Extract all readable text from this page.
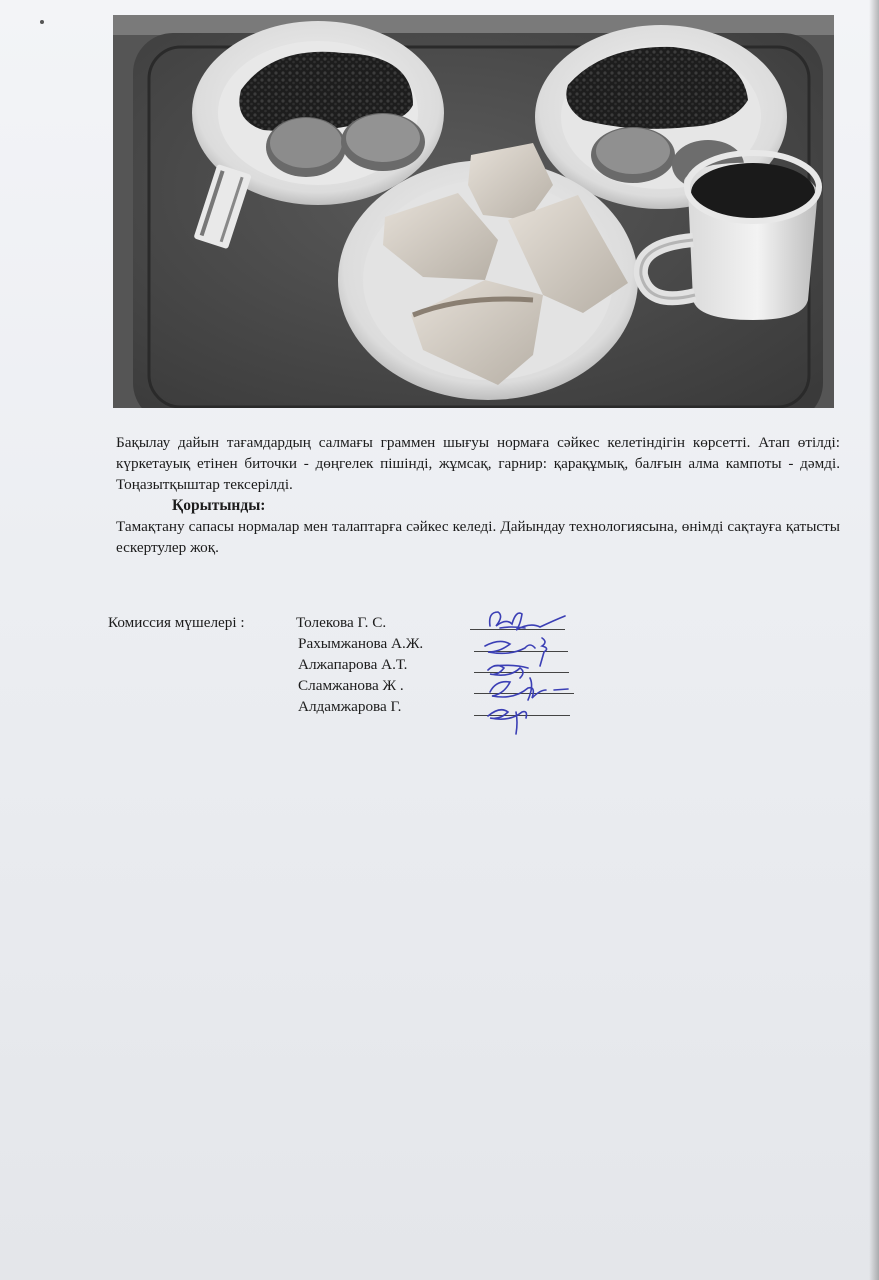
Бақылау дайын тағамдардың салмағы граммен шығуы нормаға сәйкес келетіндігін көрсетті. Атап өтілді: күркетауық етінен биточки - дөңгелек пішінді, жұмсақ, гарнир: қарақұмық, балғын алма кампоты - дәмді. Тоңазытқыштар тексерілді.

Қорытынды:

Тамақтану сапасы нормалар мен талаптарға сәйкес келеді. Дайындау технологиясына, өнімді сақтауға қатысты ескертулер жоқ.

Комиссия мүшелері :	Толекова Г. С.
Рахымжанова А.Ж.
Алжапарова А.Т.
Сламжанова Ж .
Алдамжарова Г.
